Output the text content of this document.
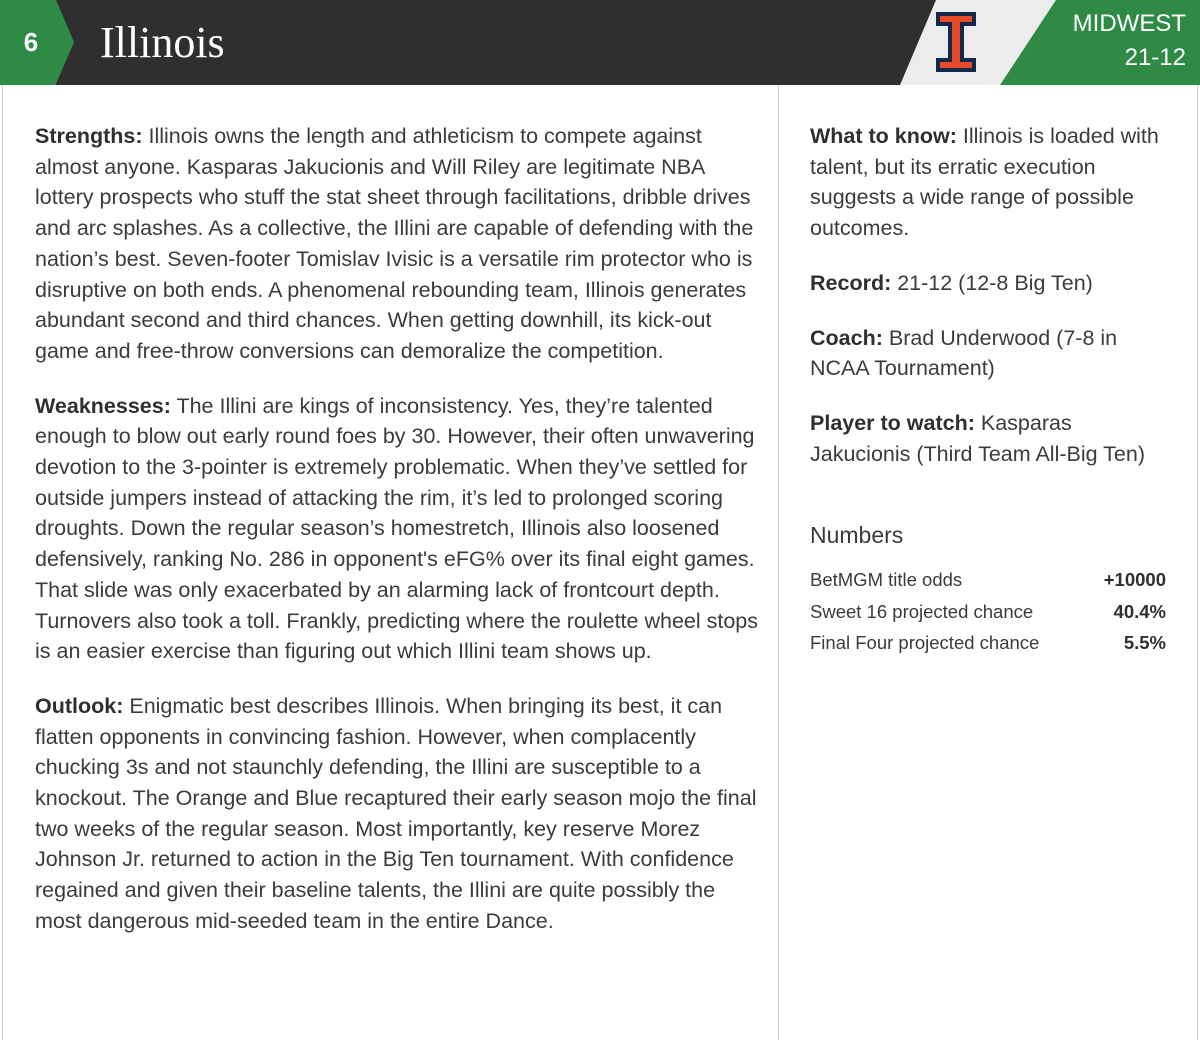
6	Illinois	MIDWEST
21-12

Strengths: Illinois owns the length and athleticism to compete against almost anyone. Kasparas Jakucionis and Will Riley are legitimate NBA lottery prospects who stuff the stat sheet through facilitations, dribble drives and arc splashes. As a collective, the Illini are capable of defending with the nation’s best. Seven-footer Tomislav Ivisic is a versatile rim protector who is disruptive on both ends. A phenomenal rebounding team, Illinois generates abundant second and third chances. When getting downhill, its kick-out game and free-throw conversions can demoralize the competition.

Weaknesses: The Illini are kings of inconsistency. Yes, they’re talented enough to blow out early round foes by 30. However, their often unwavering devotion to the 3-pointer is extremely problematic. When they’ve settled for outside jumpers instead of attacking the rim, it’s led to prolonged scoring droughts. Down the regular season’s homestretch, Illinois also loosened defensively, ranking No. 286 in opponent's eFG% over its final eight games. That slide was only exacerbated by an alarming lack of frontcourt depth. Turnovers also took a toll. Frankly, predicting where the roulette wheel stops is an easier exercise than figuring out which Illini team shows up.

Outlook: Enigmatic best describes Illinois. When bringing its best, it can flatten opponents in convincing fashion. However, when complacently chucking 3s and not staunchly defending, the Illini are susceptible to a knockout. The Orange and Blue recaptured their early season mojo the final two weeks of the regular season. Most importantly, key reserve Morez Johnson Jr. returned to action in the Big Ten tournament. With confidence regained and given their baseline talents, the Illini are quite possibly the most dangerous mid-seeded team in the entire Dance.

What to know: Illinois is loaded with talent, but its erratic execution suggests a wide range of possible outcomes.

Record: 21-12 (12-8 Big Ten)

Coach: Brad Underwood (7-8 in NCAA Tournament)

Player to watch: Kasparas Jakucionis (Third Team All-Big Ten)

Numbers
BetMGM title odds	+10000
Sweet 16 projected chance	40.4%
Final Four projected chance	5.5%
